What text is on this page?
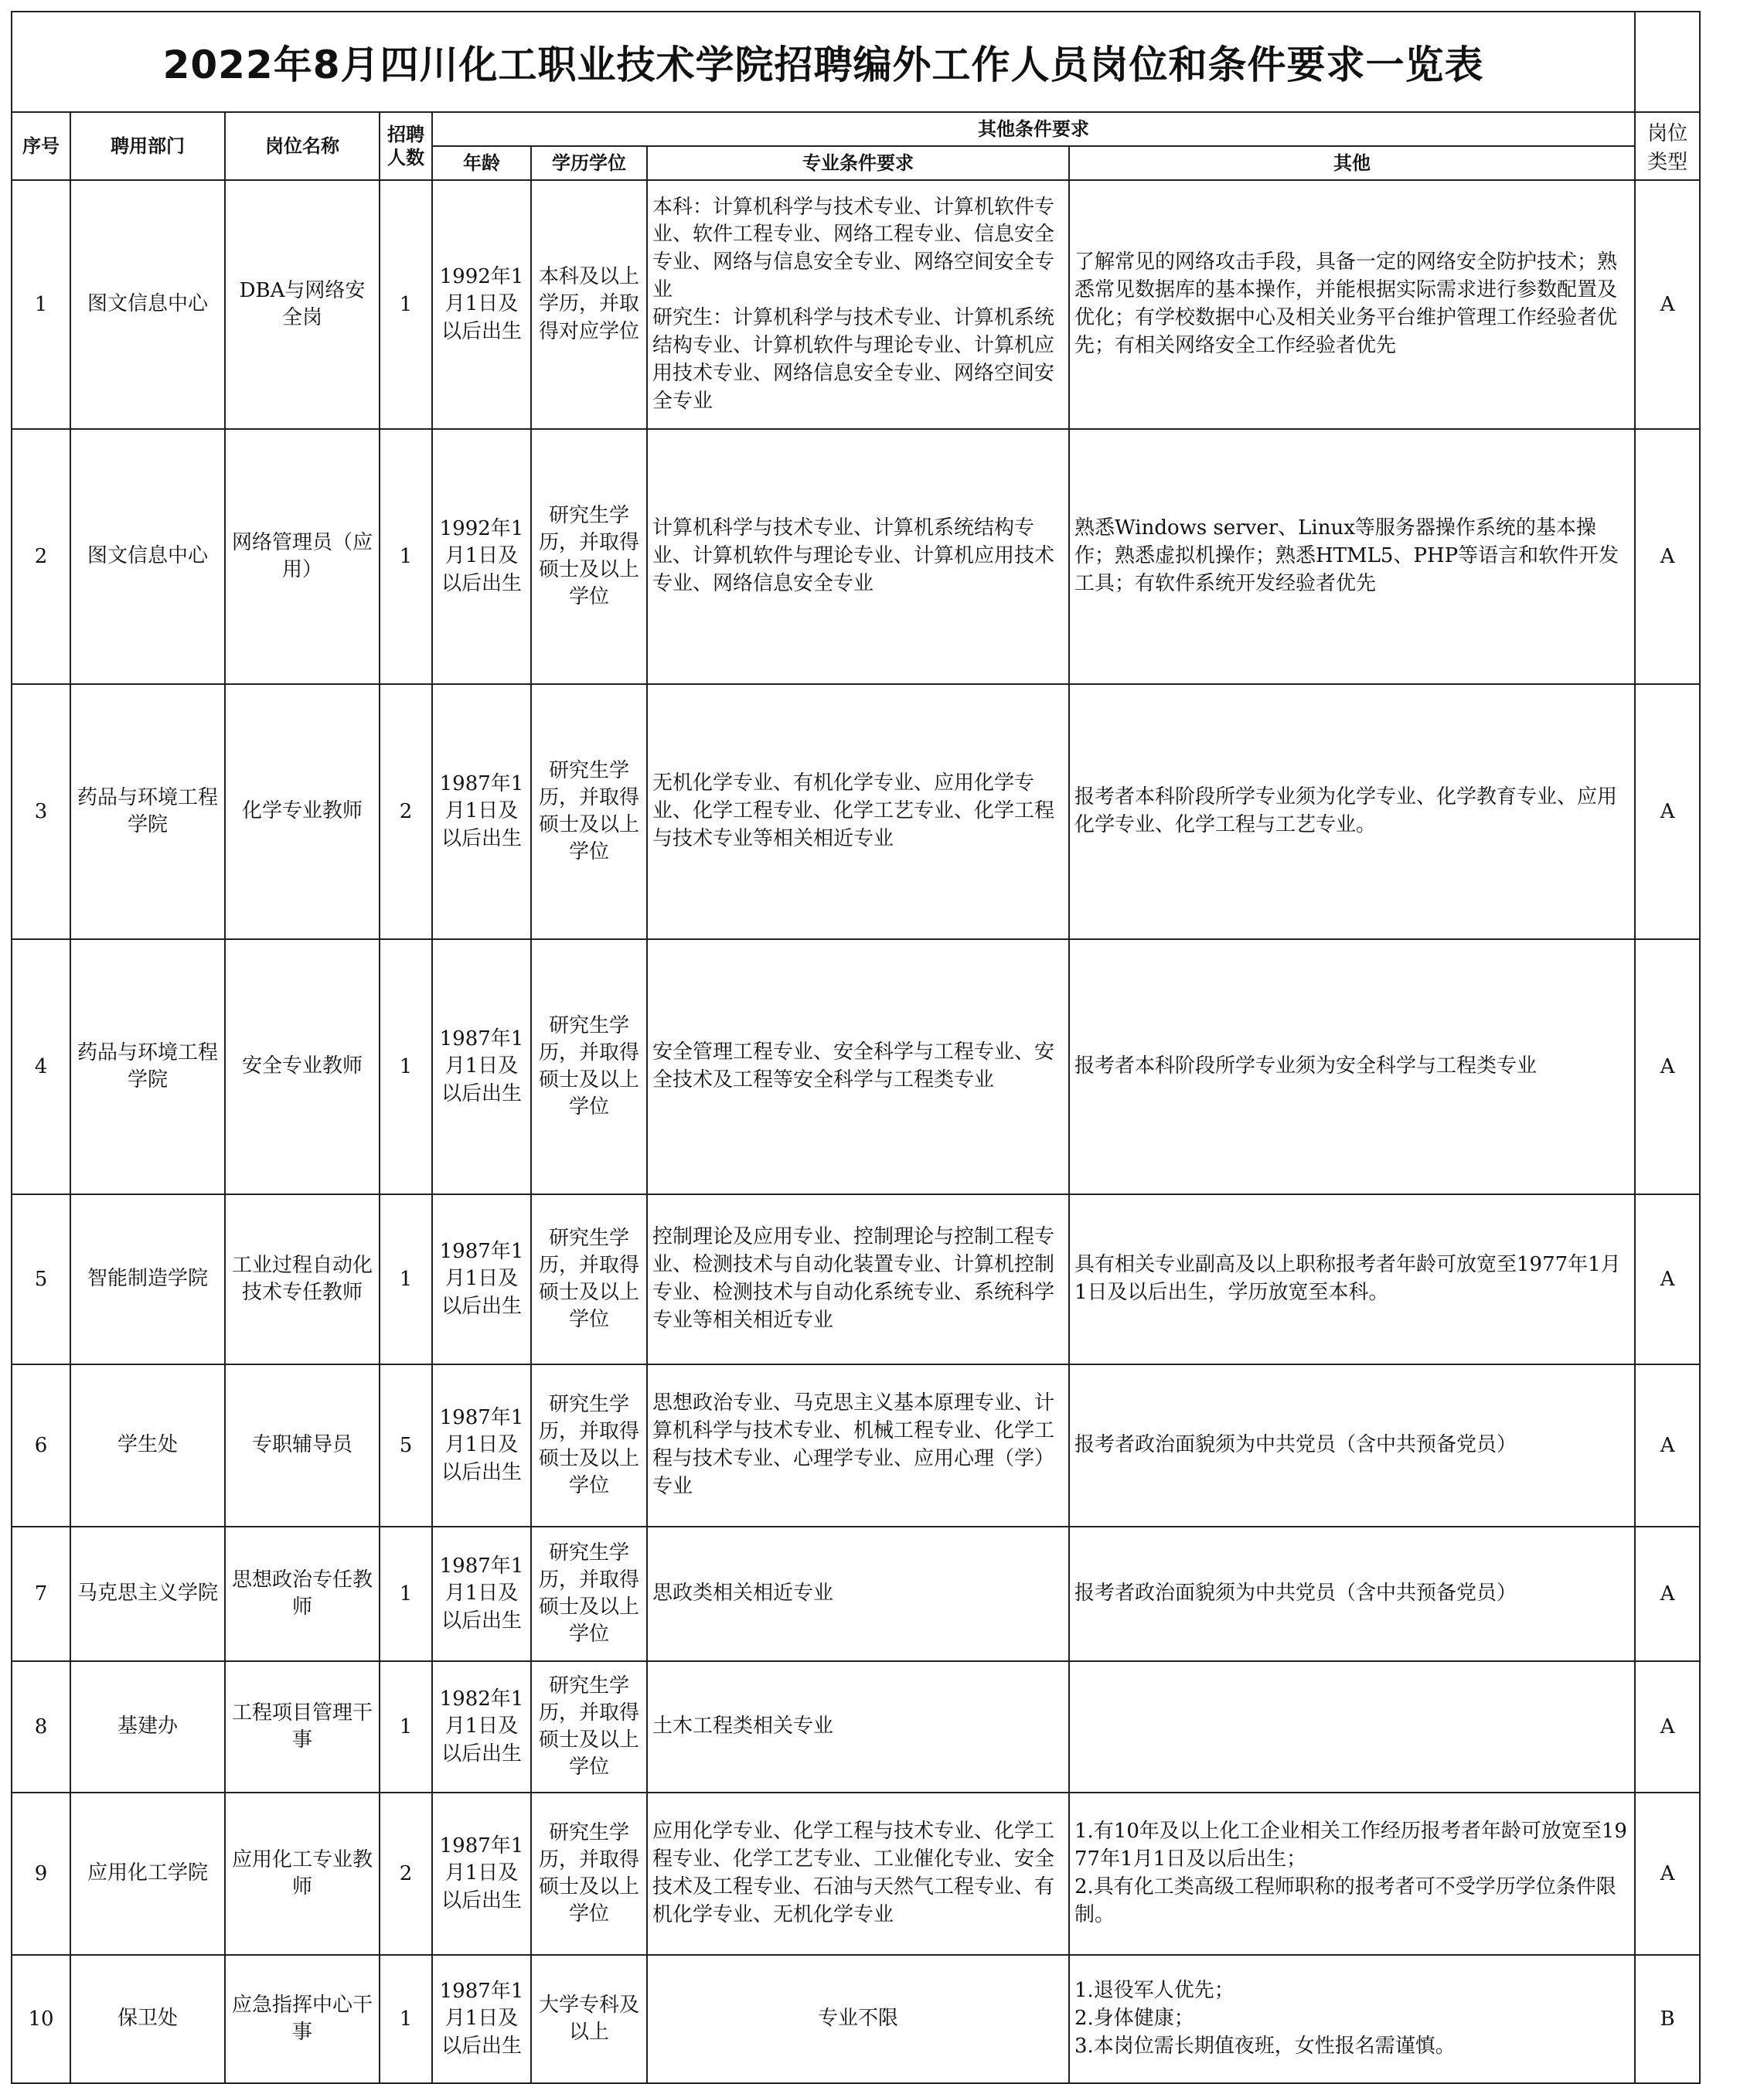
2022年8月四川化工职业技术学院招聘编外工作人员岗位和条件要求一览表								
序号	聘用部门	岗位名称	招聘人数	其他条件要求				岗位类型
				年龄	学历学位	专业条件要求	其他	
1	图文信息中心	DBA与网络安全岗	1	1992年1月1日及以后出生	本科及以上学历，并取得对应学位	本科：计算机科学与技术专业、计算机软件专业、软件工程专业、网络工程专业、信息安全专业、网络与信息安全专业、网络空间安全专业
研究生：计算机科学与技术专业、计算机系统结构专业、计算机软件与理论专业、计算机应用技术专业、网络信息安全专业、网络空间安全专业	了解常见的网络攻击手段，具备一定的网络安全防护技术；熟悉常见数据库的基本操作，并能根据实际需求进行参数配置及优化；有学校数据中心及相关业务平台维护管理工作经验者优先；有相关网络安全工作经验者优先	A
2	图文信息中心	网络管理员（应用）	1	1992年1月1日及以后出生	研究生学历，并取得硕士及以上学位	计算机科学与技术专业、计算机系统结构专业、计算机软件与理论专业、计算机应用技术专业、网络信息安全专业	熟悉Windows server、Linux等服务器操作系统的基本操作；熟悉虚拟机操作；熟悉HTML5、PHP等语言和软件开发工具；有软件系统开发经验者优先	A
3	药品与环境工程学院	化学专业教师	2	1987年1月1日及以后出生	研究生学历，并取得硕士及以上学位	无机化学专业、有机化学专业、应用化学专业、化学工程专业、化学工艺专业、化学工程与技术专业等相关相近专业	报考者本科阶段所学专业须为化学专业、化学教育专业、应用化学专业、化学工程与工艺专业。	A
4	药品与环境工程学院	安全专业教师	1	1987年1月1日及以后出生	研究生学历，并取得硕士及以上学位	安全管理工程专业、安全科学与工程专业、安全技术及工程等安全科学与工程类专业	报考者本科阶段所学专业须为安全科学与工程类专业	A
5	智能制造学院	工业过程自动化技术专任教师	1	1987年1月1日及以后出生	研究生学历，并取得硕士及以上学位	控制理论及应用专业、控制理论与控制工程专业、检测技术与自动化装置专业、计算机控制专业、检测技术与自动化系统专业、系统科学专业等相关相近专业	具有相关专业副高及以上职称报考者年龄可放宽至1977年1月1日及以后出生，学历放宽至本科。	A
6	学生处	专职辅导员	5	1987年1月1日及以后出生	研究生学历，并取得硕士及以上学位	思想政治专业、马克思主义基本原理专业、计算机科学与技术专业、机械工程专业、化学工程与技术专业、心理学专业、应用心理（学）专业	报考者政治面貌须为中共党员（含中共预备党员）	A
7	马克思主义学院	思想政治专任教师	1	1987年1月1日及以后出生	研究生学历，并取得硕士及以上学位	思政类相关相近专业	报考者政治面貌须为中共党员（含中共预备党员）	A
8	基建办	工程项目管理干事	1	1982年1月1日及以后出生	研究生学历，并取得硕士及以上学位	土木工程类相关专业		A
9	应用化工学院	应用化工专业教师	2	1987年1月1日及以后出生	研究生学历，并取得硕士及以上学位	应用化学专业、化学工程与技术专业、化学工程专业、化学工艺专业、工业催化专业、安全技术及工程专业、石油与天然气工程专业、有机化学专业、无机化学专业	1.有10年及以上化工企业相关工作经历报考者年龄可放宽至1977年1月1日及以后出生；
2.具有化工类高级工程师职称的报考者可不受学历学位条件限制。	A
10	保卫处	应急指挥中心干事	1	1987年1月1日及以后出生	大学专科及以上	专业不限	1.退役军人优先；
2.身体健康；
3.本岗位需长期值夜班，女性报名需谨慎。	B
